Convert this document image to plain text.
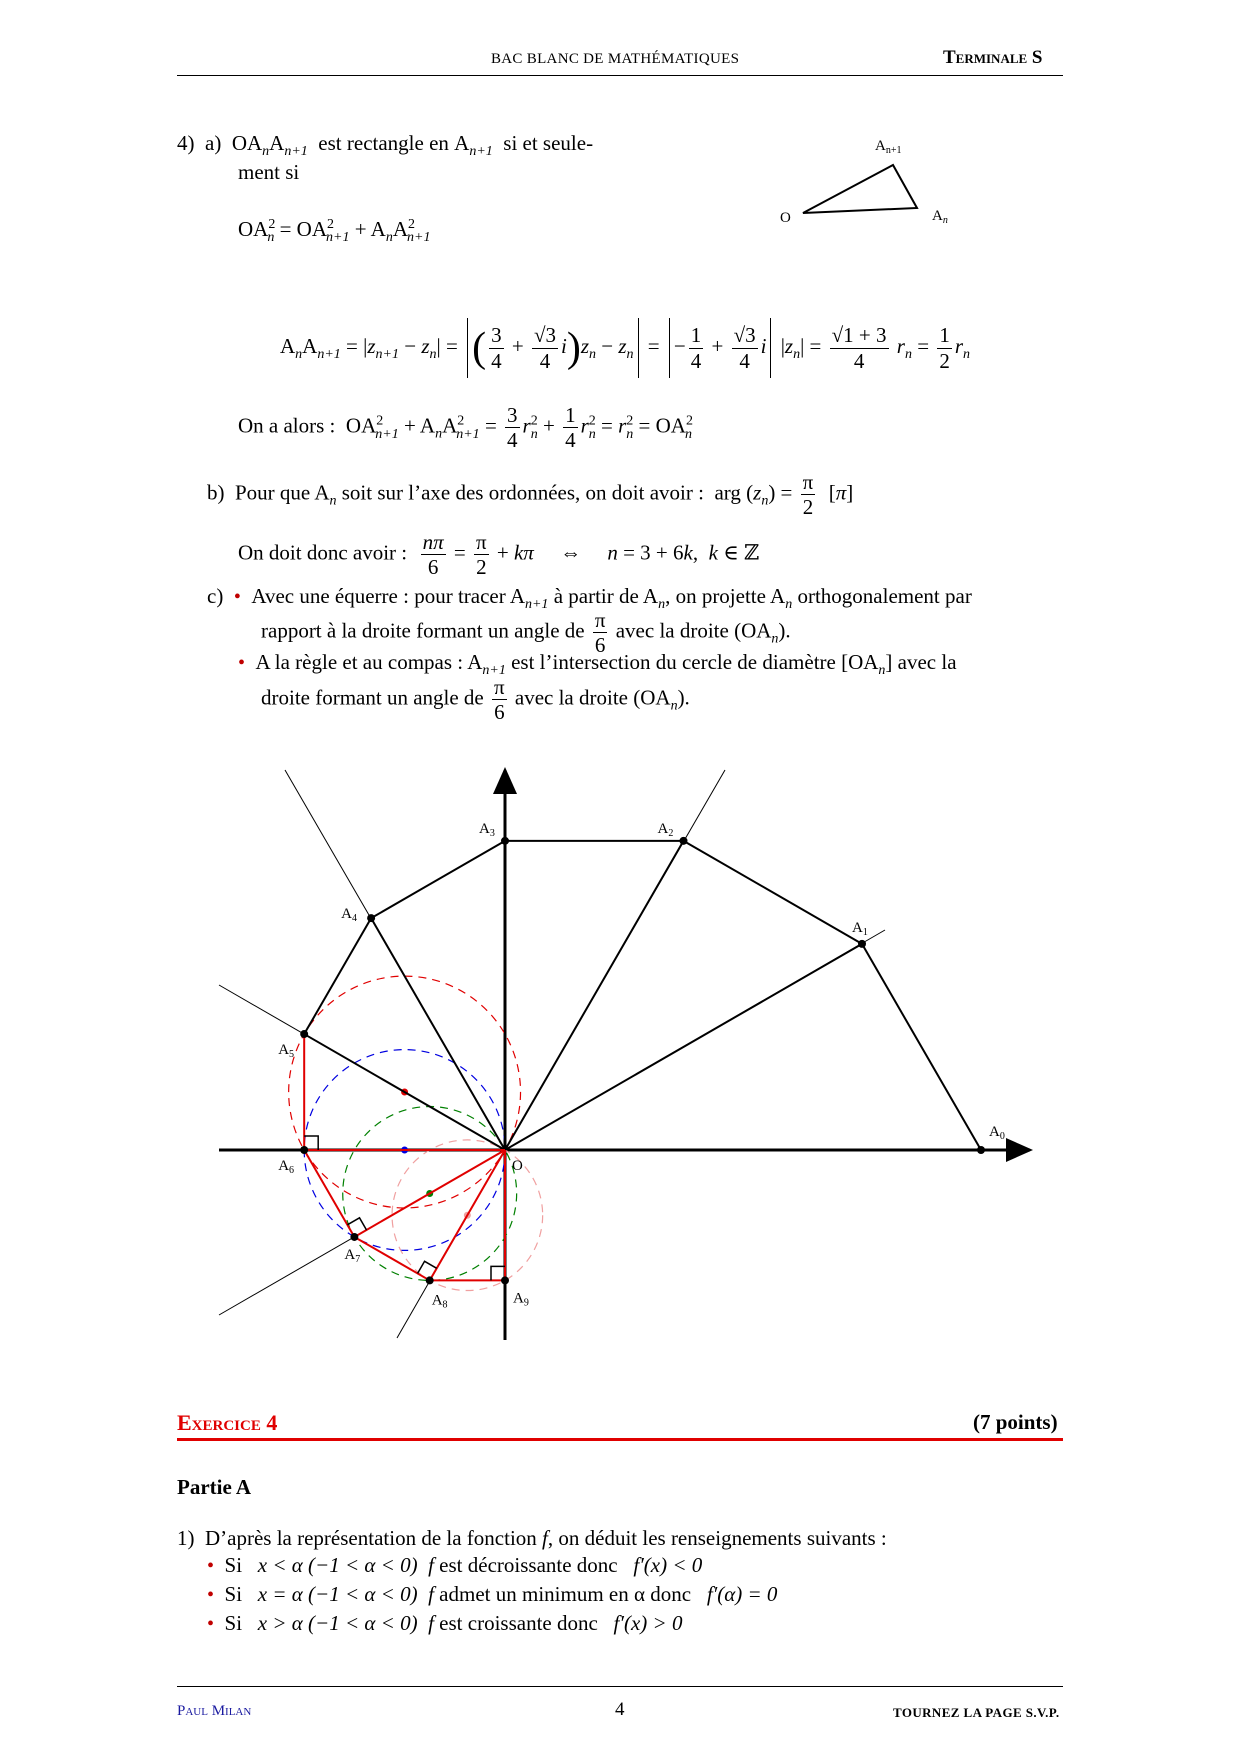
BAC BLANC DE MATHÉMATIQUES	Terminale S
4) a)  $OA_nA_{n+1}$ est rectangle en $A_{n+1}$ si et seule-
ment si
$OA^2_n = OA^2_{n+1} + A_nA^2_{n+1}$
$A_{n+1}$
O	$A_n$
$A_nA_{n+1} = |z_{n+1} - z_n|$ = ( $\frac{3}{4} + \frac{√3}{4} i)z_n - z_n$ = − $\frac{1}{4} + \frac{√3}{4}$ i $|z_n| = \frac{√1 + 3}{4} r_n = \frac{1}{2} r_n$
On a alors :  $OA^2_{n+1} + A_nA^2_{n+1} = \frac{3}{4} r^2_n + \frac{1}{4} r^2_n = r^2_n = OA^2_n$
b) Pour que $A_n$ soit sur l’axe des ordonnées, on doit avoir :  arg $(z_n) = \frac{\pi}{2} [\pi]$
On doit donc avoir : $\frac{n\pi}{6} = \frac{\pi}{2} + k\pi$     ⇔     n = 3 + 6k,  k ∈ ℤ
c) • Avec une équerre : pour tracer $A_{n+1}$ à partir de $A_n$, on projette $A_n$ orthogonalement par
rapport à la droite formant un angle de $\frac{\pi}{6}$ avec la droite $(OA_n)$.
• A la règle et au compas : $A_{n+1}$ est l’intersection du cercle de diamètre $[OA_n]$ avec la
droite formant un angle de $\frac{\pi}{6}$ avec la droite $(OA_n)$.
$A_0$
$A_1$
$A_2$
$A_3$
$A_4$
$A_5$
$A_6$
$A_7$
$A_8$	$A_9$
O
Exercice 4	(7 points)
Partie A
1) D’après la représentation de la fonction f, on déduit les renseignements suivants :
• Si x < α (−1 < α < 0) f est décroissante donc f′(x) < 0
• Si x = α (−1 < α < 0) f admet un minimum en α donc f′(α) = 0
• Si x > α (−1 < α < 0) f est croissante donc f′(x) > 0
Paul Milan	4	TOURNEZ LA PAGE S.V.P.
